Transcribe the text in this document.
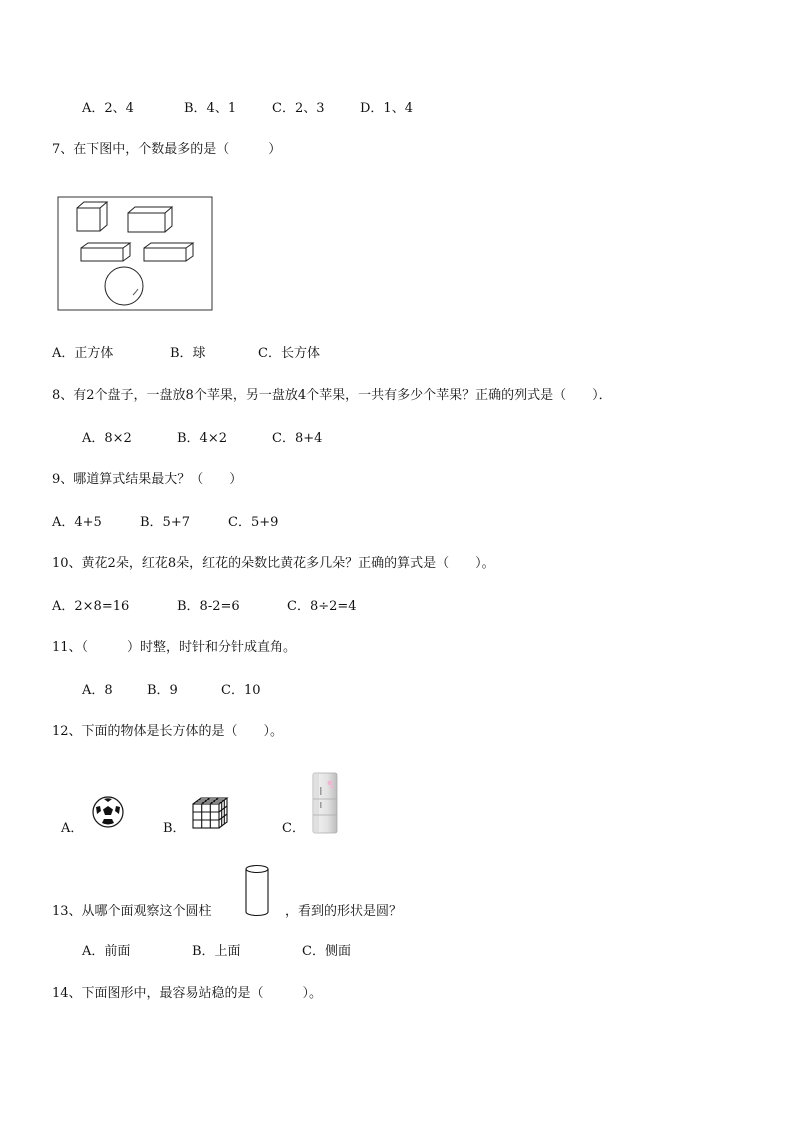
A．2、4	B．4、1	C．2、3	D．1、4
7、在下图中，个数最多的是（　　　）
A．正方体	B．球	C．长方体
8、有2个盘子，一盘放8个苹果，另一盘放4个苹果，一共有多少个苹果？正确的列式是（　　）．
A．8×2	B．4×2	C．8+4
9、哪道算式结果最大？（　　）
A．4+5	B．5+7	C．5+9
10、黄花2朵，红花8朵，红花的朵数比黄花多几朵？正确的算式是（　　）。
A．2×8=16	B．8-2=6	C．8÷2=4
11、（　　　）时整，时针和分针成直角。
A．8	B．9	C．10
12、下面的物体是长方体的是（　　）。
A．	B．	C．
13、从哪个面观察这个圆柱	，看到的形状是圆？
A．前面	B．上面	C．侧面
14、下面图形中，最容易站稳的是（　　　）。
